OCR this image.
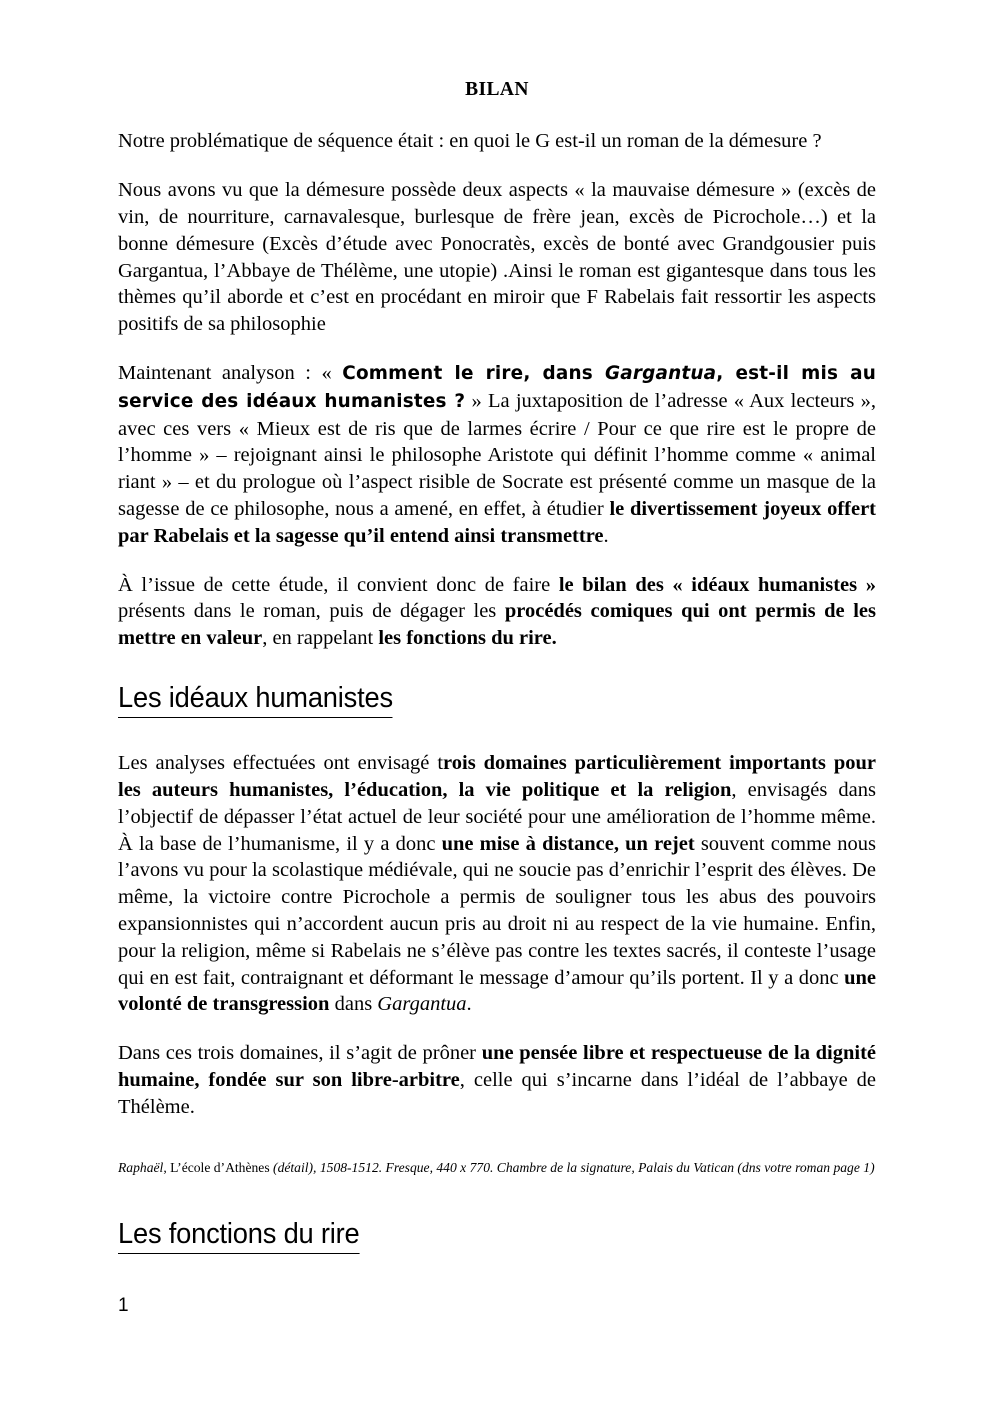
BILAN

Notre problématique de séquence était : en quoi le G est-il un roman de la démesure ?

Nous avons vu que la démesure possède deux aspects « la mauvaise démesure » (excès de vin, de nourriture, carnavalesque, burlesque de frère jean, excès de Picrochole…) et la bonne démesure (Excès d’étude avec Ponocratès, excès de bonté avec Grandgousier puis Gargantua, l’Abbaye de Thélème, une utopie) .Ainsi le roman est gigantesque dans tous les thèmes qu’il aborde et c’est en procédant en miroir que F Rabelais fait ressortir les aspects positifs de sa philosophie

Maintenant analyson : « Comment le rire, dans Gargantua, est-il mis au service des idéaux humanistes ? » La juxtaposition de l’adresse « Aux lecteurs », avec ces vers « Mieux est de ris que de larmes écrire / Pour ce que rire est le propre de l’homme » – rejoignant ainsi le philosophe Aristote qui définit l’homme comme « animal riant » – et du prologue où l’aspect risible de Socrate est présenté comme un masque de la sagesse de ce philosophe, nous a amené, en effet, à étudier le divertissement joyeux offert par Rabelais et la sagesse qu’il entend ainsi transmettre.

À l’issue de cette étude, il convient donc de faire le bilan des « idéaux humanistes » présents dans le roman, puis de dégager les procédés comiques qui ont permis de les mettre en valeur, en rappelant les fonctions du rire.

Les idéaux humanistes

Les analyses effectuées ont envisagé trois domaines particulièrement importants pour les auteurs humanistes, l’éducation, la vie politique et la religion, envisagés dans l’objectif de dépasser l’état actuel de leur société pour une amélioration de l’homme même. À la base de l’humanisme, il y a donc une mise à distance, un rejet souvent comme nous l’avons vu pour la scolastique médiévale, qui ne soucie pas d’enrichir l’esprit des élèves. De même, la victoire contre Picrochole a permis de souligner tous les abus des pouvoirs expansionnistes qui n’accordent aucun pris au droit ni au respect de la vie humaine. Enfin, pour la religion, même si Rabelais ne s’élève pas contre les textes sacrés, il conteste l’usage qui en est fait, contraignant et déformant le message d’amour qu’ils portent. Il y a donc une volonté de transgression dans Gargantua.

Dans ces trois domaines, il s’agit de prôner une pensée libre et respectueuse de la dignité humaine, fondée sur son libre-arbitre, celle qui s’incarne dans l’idéal de l’abbaye de Thélème.

Raphaël, L’école d’Athènes (détail), 1508-1512. Fresque, 440 x 770. Chambre de la signature, Palais du Vatican (dns votre roman page 1)

Les fonctions du rire
1
